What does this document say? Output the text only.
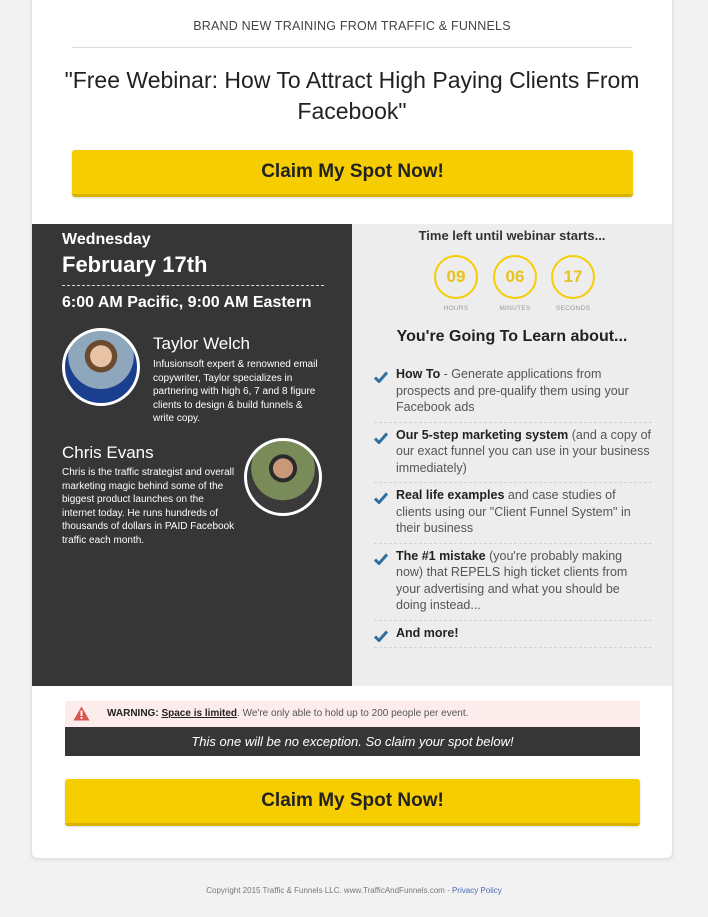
BRAND NEW TRAINING FROM TRAFFIC & FUNNELS
"Free Webinar: How To Attract High Paying Clients From Facebook"
Claim My Spot Now!
Wednesday
February 17th
6:00 AM Pacific, 9:00 AM Eastern
Taylor Welch
Infusionsoft expert & renowned email copywriter, Taylor specializes in partnering with high 6, 7 and 8 figure clients to design & build funnels & write copy.
Chris Evans
Chris is the traffic strategist and overall marketing magic behind some of the biggest product launches on the internet today. He runs hundreds of thousands of dollars in PAID Facebook traffic each month.
Time left until webinar starts...
09	06	17
HOURS	MINUTES	SECONDS
You're Going To Learn about...
How To - Generate applications from prospects and pre-qualify them using your Facebook ads
Our 5-step marketing system (and a copy of our exact funnel you can use in your business immediately)
Real life examples and case studies of clients using our "Client Funnel System" in their business
The #1 mistake (you're probably making now) that REPELS high ticket clients from your advertising and what you should be doing instead...
And more!
WARNING: Space is limited. We're only able to hold up to 200 people per event.
This one will be no exception. So claim your spot below!
Claim My Spot Now!
Copyright 2015 Traffic & Funnels LLC. www.TrafficAndFunnels.com - Privacy Policy
